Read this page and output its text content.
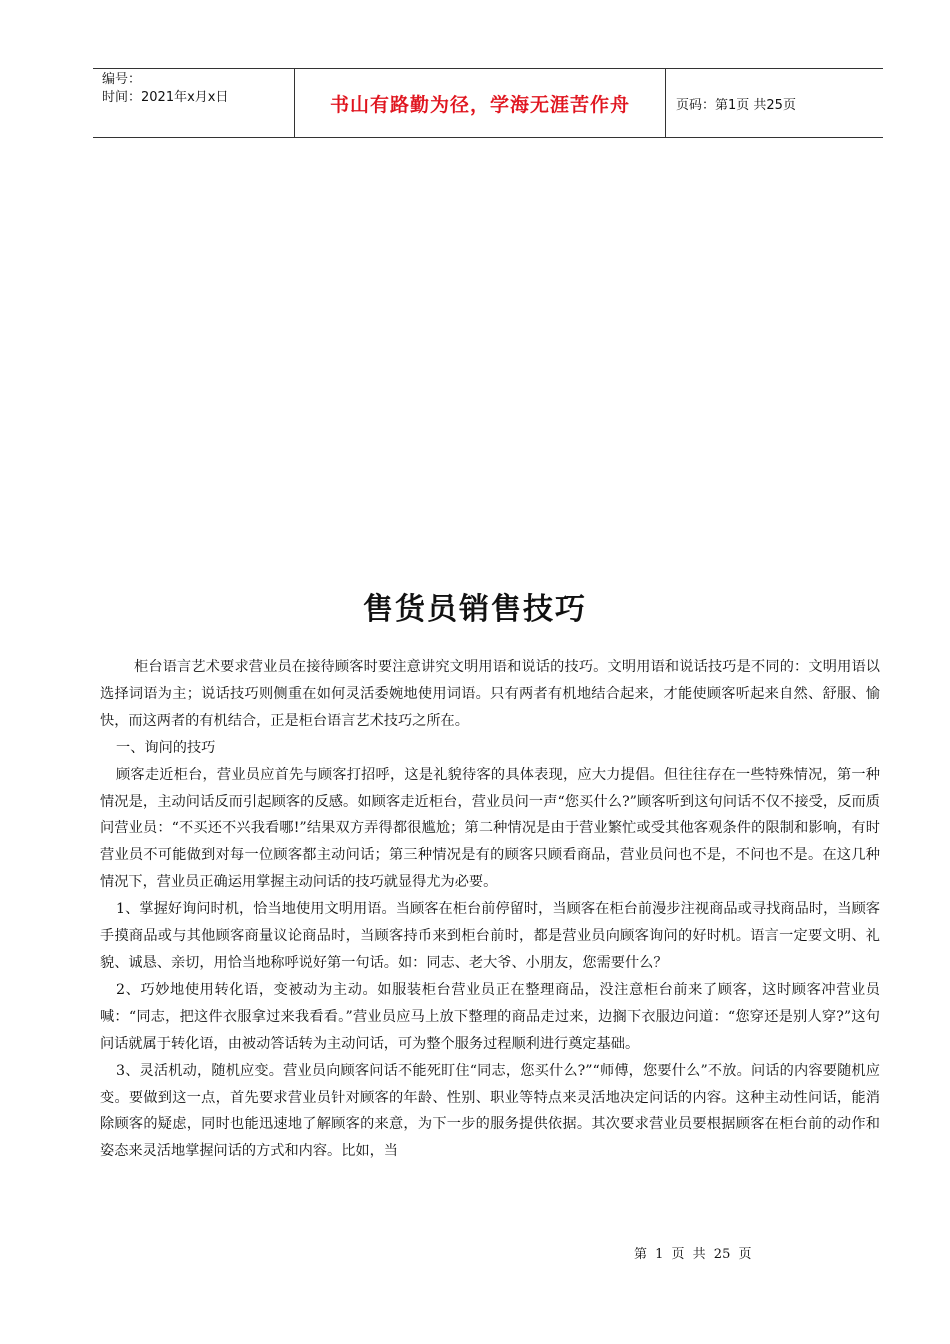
编号：
时间：2021年x月x日	书山有路勤为径，学海无涯苦作舟	页码：第1页 共25页
售货员销售技巧

柜台语言艺术要求营业员在接待顾客时要注意讲究文明用语和说话的技巧。文明用语和说话技巧是不同的：文明用语以选择词语为主；说话技巧则侧重在如何灵活委婉地使用词语。只有两者有机地结合起来，才能使顾客听起来自然、舒服、愉快，而这两者的有机结合，正是柜台语言艺术技巧之所在。

一、询问的技巧

顾客走近柜台，营业员应首先与顾客打招呼，这是礼貌待客的具体表现，应大力提倡。但往往存在一些特殊情况，第一种情况是，主动问话反而引起顾客的反感。如顾客走近柜台，营业员问一声“您买什么?”顾客听到这句问话不仅不接受，反而质问营业员：“不买还不兴我看哪!”结果双方弄得都很尴尬；第二种情况是由于营业繁忙或受其他客观条件的限制和影响，有时营业员不可能做到对每一位顾客都主动问话；第三种情况是有的顾客只顾看商品，营业员问也不是，不问也不是。在这几种情况下，营业员正确运用掌握主动问话的技巧就显得尤为必要。

1、掌握好询问时机，恰当地使用文明用语。当顾客在柜台前停留时，当顾客在柜台前漫步注视商品或寻找商品时，当顾客手摸商品或与其他顾客商量议论商品时，当顾客持币来到柜台前时，都是营业员向顾客询问的好时机。语言一定要文明、礼貌、诚恳、亲切，用恰当地称呼说好第一句话。如：同志、老大爷、小朋友，您需要什么？

2、巧妙地使用转化语，变被动为主动。如服装柜台营业员正在整理商品，没注意柜台前来了顾客，这时顾客冲营业员喊：“同志，把这件衣服拿过来我看看。”营业员应马上放下整理的商品走过来，边搁下衣服边问道：“您穿还是别人穿?”这句问话就属于转化语，由被动答话转为主动问话，可为整个服务过程顺利进行奠定基础。

3、灵活机动，随机应变。营业员向顾客问话不能死盯住“同志，您买什么?”“师傅，您要什么”不放。问话的内容要随机应变。要做到这一点，首先要求营业员针对顾客的年龄、性别、职业等特点来灵活地决定问话的内容。这种主动性问话，能消除顾客的疑虑，同时也能迅速地了解顾客的来意，为下一步的服务提供依据。其次要求营业员要根据顾客在柜台前的动作和姿态来灵活地掌握问话的方式和内容。比如，当

第 1 页 共 25 页
